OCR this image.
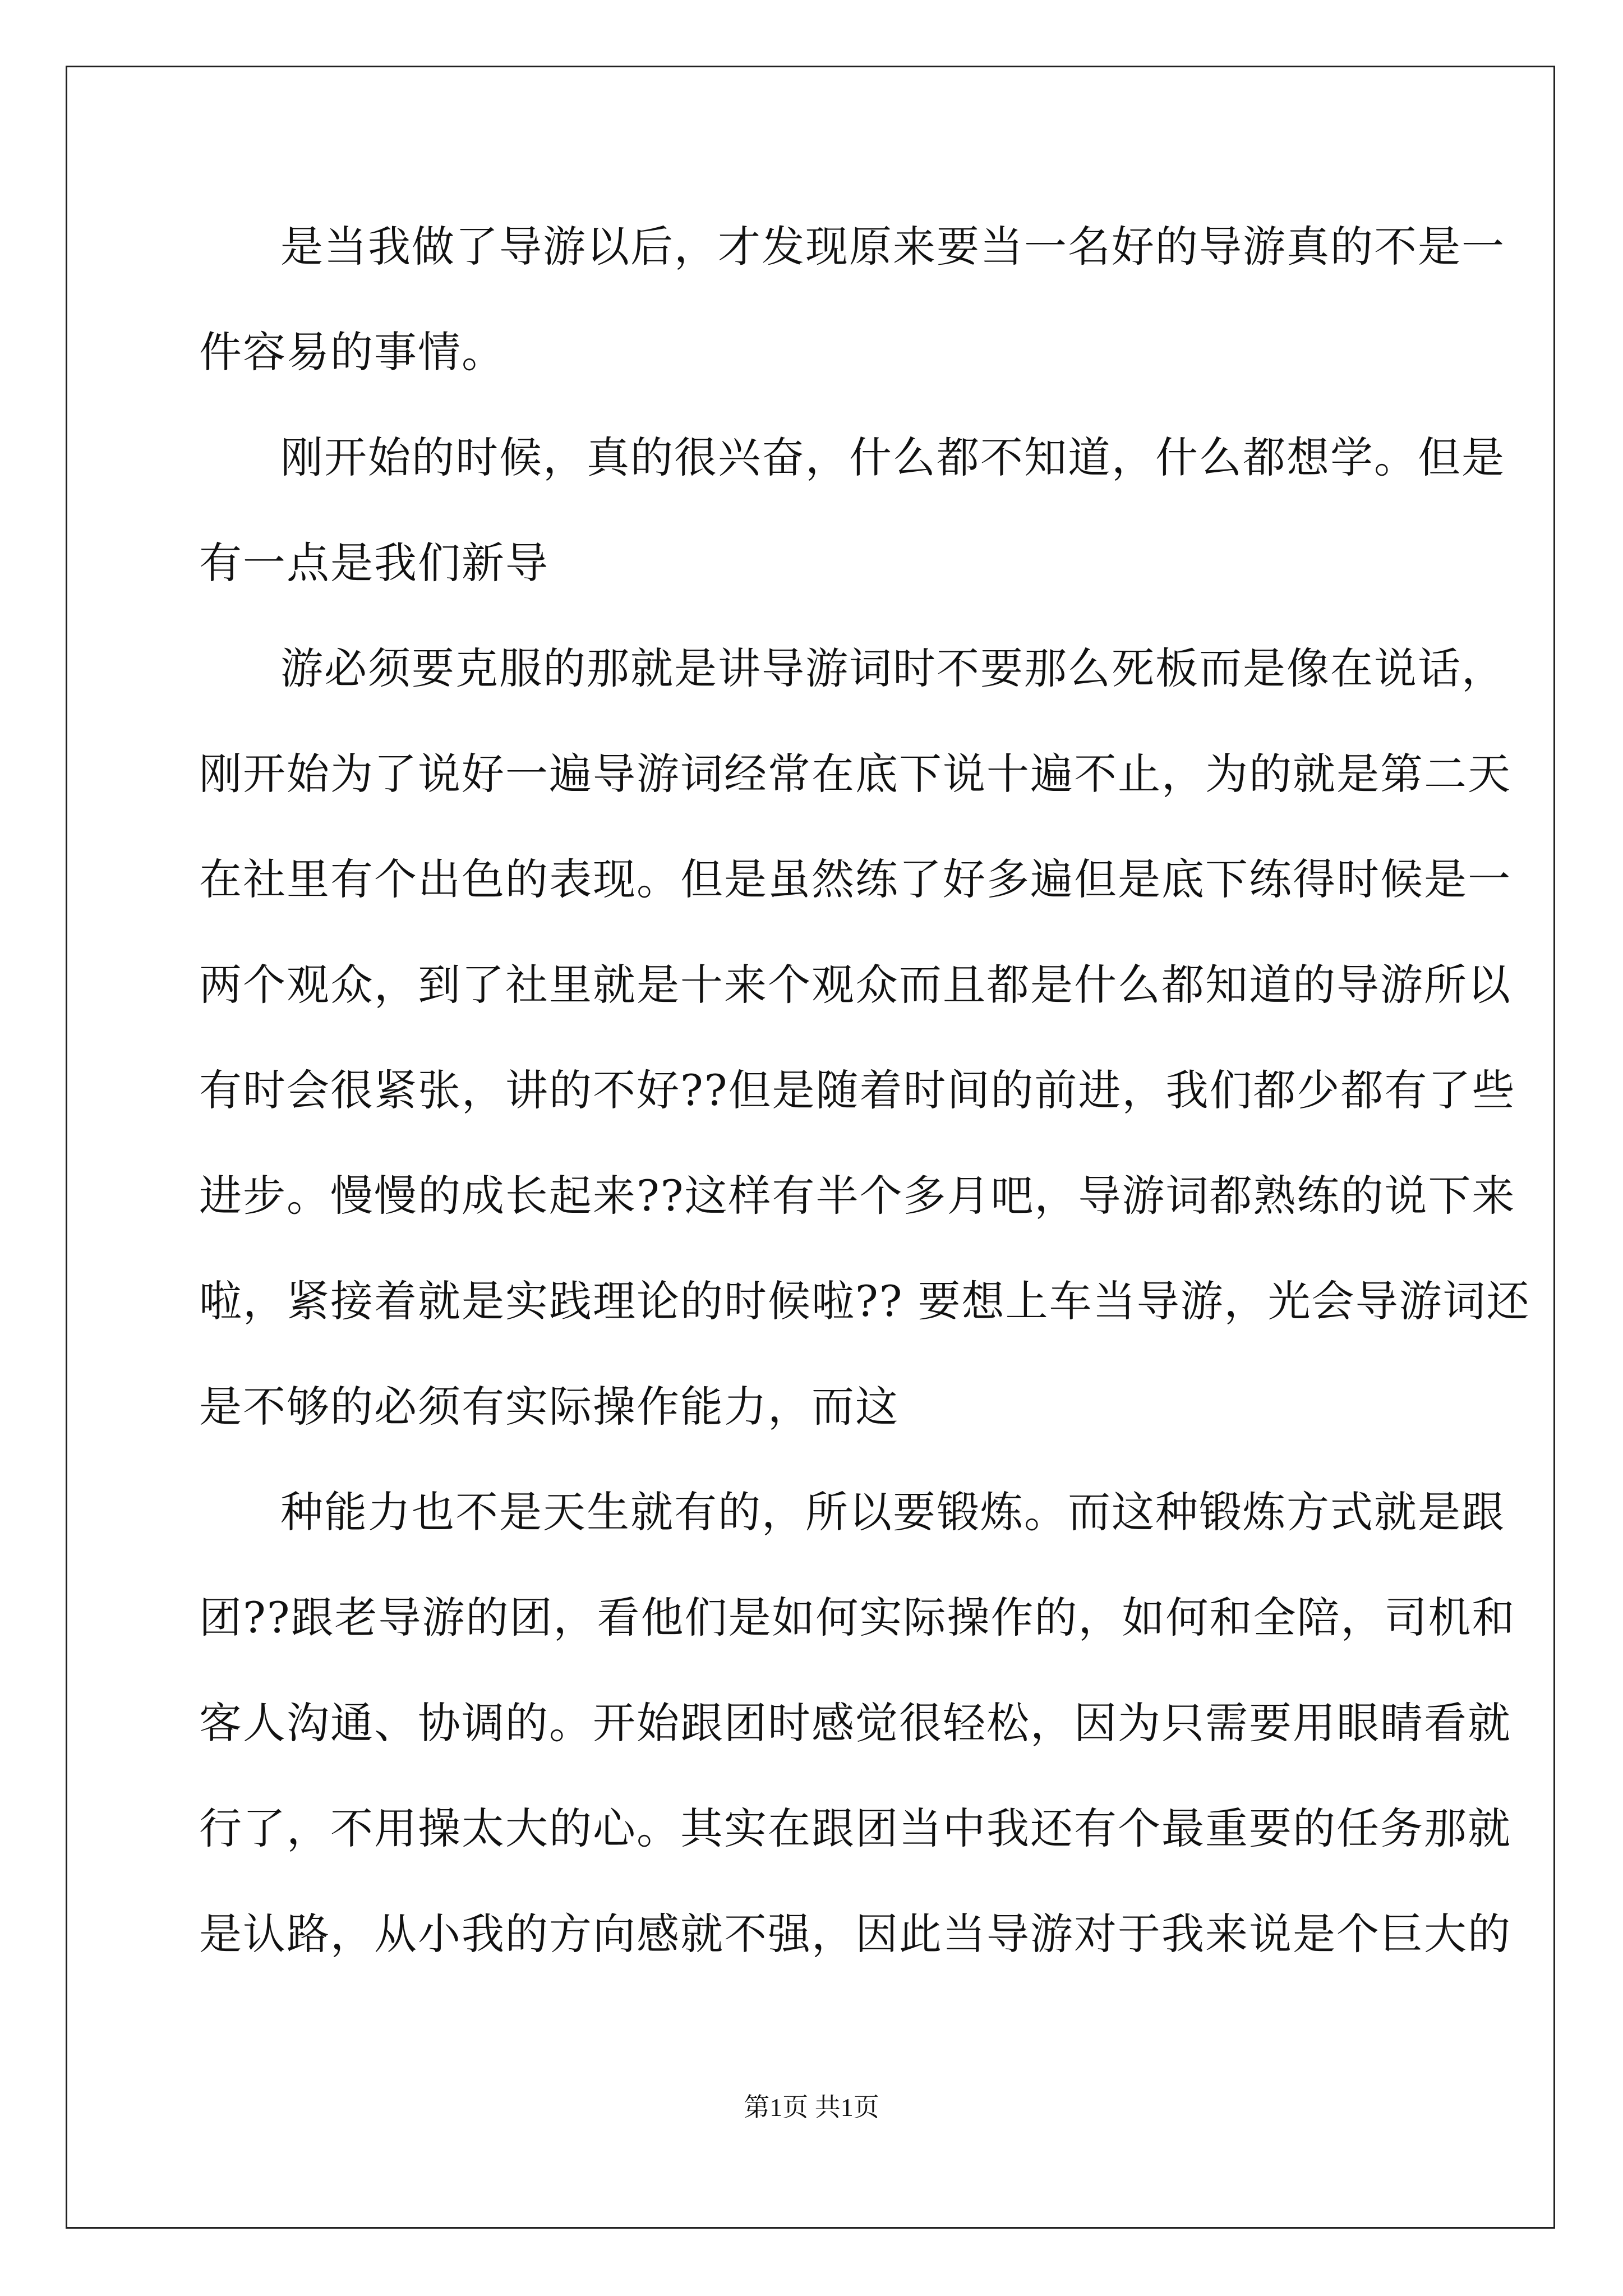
是当我做了导游以后，才发现原来要当一名好的导游真的不是一
件容易的事情。
刚开始的时候，真的很兴奋，什么都不知道，什么都想学。但是
有一点是我们新导
游必须要克服的那就是讲导游词时不要那么死板而是像在说话，
刚开始为了说好一遍导游词经常在底下说十遍不止，为的就是第二天
在社里有个出色的表现。但是虽然练了好多遍但是底下练得时候是一
两个观众，到了社里就是十来个观众而且都是什么都知道的导游所以
有时会很紧张，讲的不好??但是随着时间的前进，我们都少都有了些
进步。慢慢的成长起来??这样有半个多月吧，导游词都熟练的说下来
啦，紧接着就是实践理论的时候啦?? 要想上车当导游，光会导游词还
是不够的必须有实际操作能力，而这
种能力也不是天生就有的，所以要锻炼。而这种锻炼方式就是跟
团??跟老导游的团，看他们是如何实际操作的，如何和全陪，司机和
客人沟通、协调的。开始跟团时感觉很轻松，因为只需要用眼睛看就
行了，不用操太大的心。其实在跟团当中我还有个最重要的任务那就
是认路，从小我的方向感就不强，因此当导游对于我来说是个巨大的
第1页 共1页
